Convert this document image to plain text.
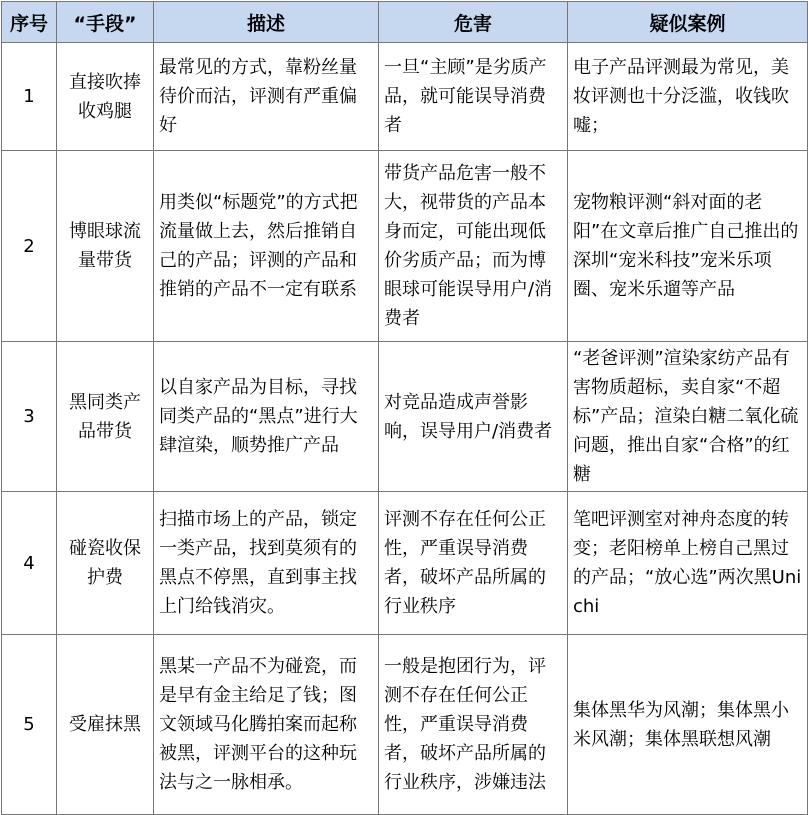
序号	“手段”	描述	危害	疑似案例
1	直接吹捧收鸡腿	最常见的方式，靠粉丝量待价而沽，评测有严重偏好	一旦“主顾”是劣质产品，就可能误导消费者	电子产品评测最为常见，美妆评测也十分泛滥，收钱吹嘘；
2	博眼球流量带货	用类似“标题党”的方式把流量做上去，然后推销自己的产品；评测的产品和推销的产品不一定有联系	带货产品危害一般不大，视带货的产品本身而定，可能出现低价劣质产品；而为博眼球可能误导用户/消费者	宠物粮评测“斜对面的老阳”在文章后推广自己推出的深圳“宠米科技”宠米乐项圈、宠米乐遛等产品
3	黑同类产品带货	以自家产品为目标，寻找同类产品的“黑点”进行大肆渲染，顺势推广产品	对竞品造成声誉影响，误导用户/消费者	“老爸评测”渲染家纺产品有害物质超标，卖自家“不超标”产品；渲染白糖二氧化硫问题，推出自家“合格”的红糖
4	碰瓷收保护费	扫描市场上的产品，锁定一类产品，找到莫须有的黑点不停黑，直到事主找上门给钱消灾。	评测不存在任何公正性，严重误导消费者，破坏产品所属的行业秩序	笔吧评测室对神舟态度的转变；老阳榜单上榜自己黑过的产品；“放心选”两次黑Unichi
5	受雇抹黑	黑某一产品不为碰瓷，而是早有金主给足了钱；图文领域马化腾拍案而起称被黑，评测平台的这种玩法与之一脉相承。	一般是抱团行为，评测不存在任何公正性，严重误导消费者，破坏产品所属的行业秩序，涉嫌违法	集体黑华为风潮；集体黑小米风潮；集体黑联想风潮
